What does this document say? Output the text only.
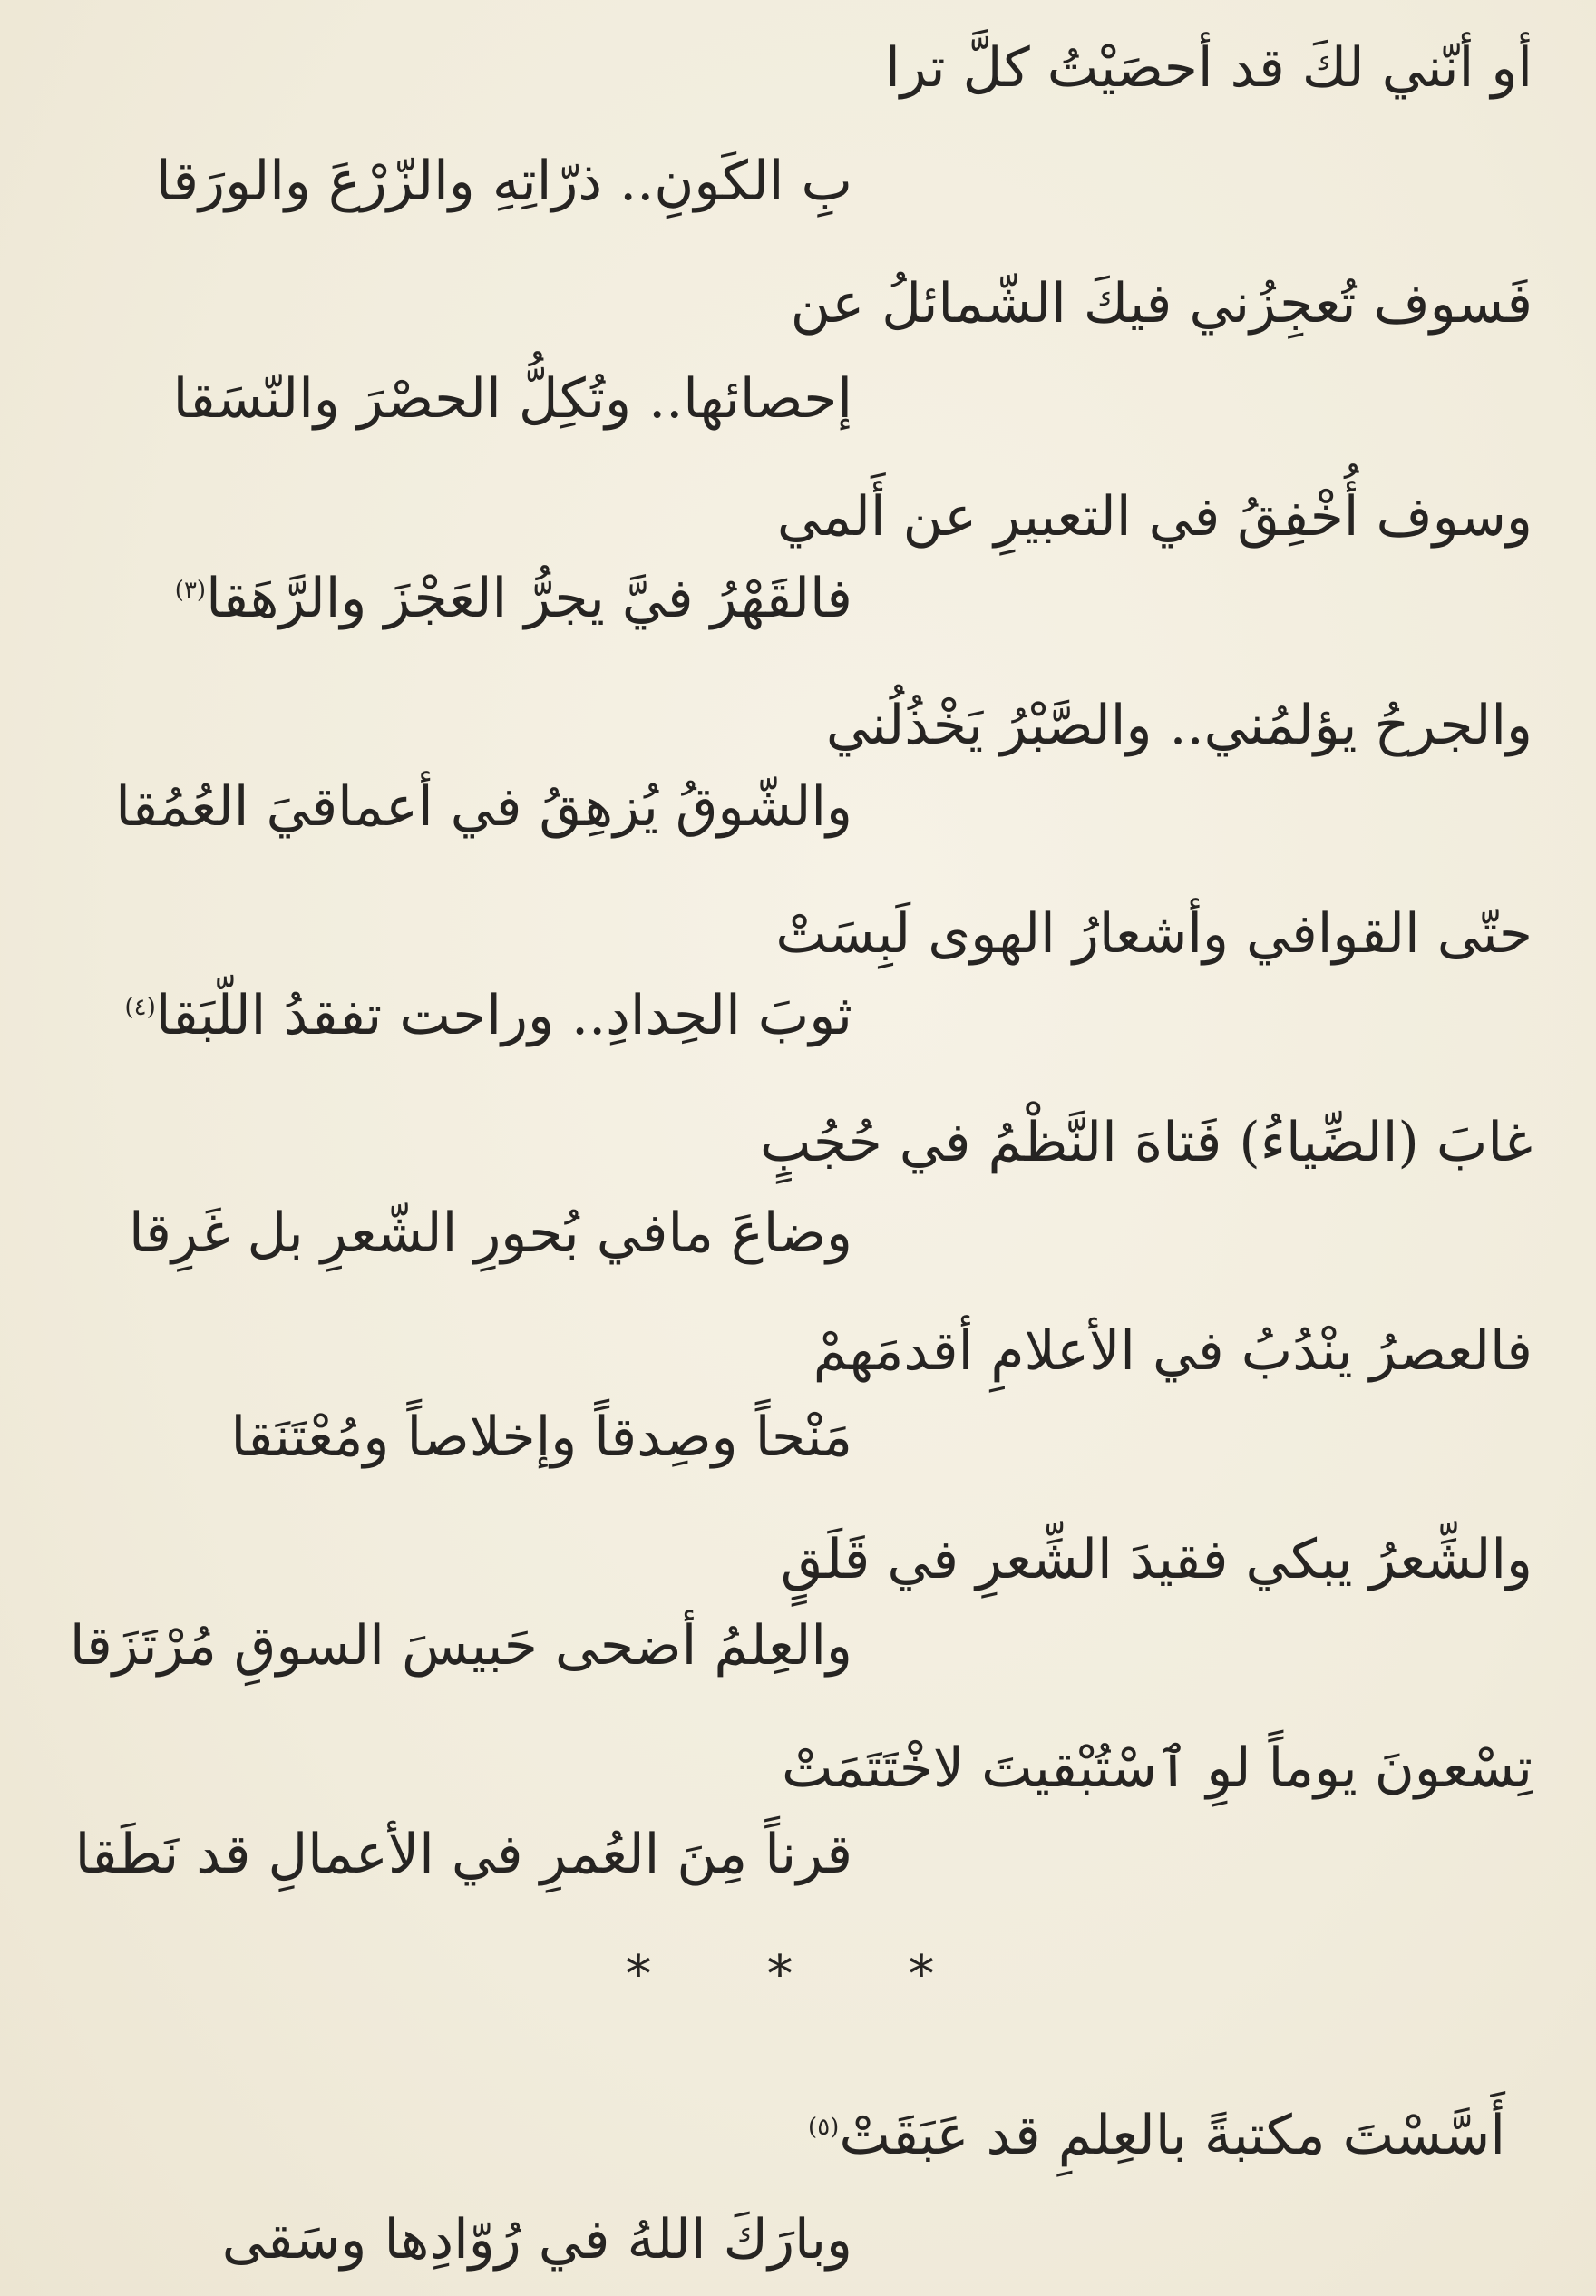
أو أنّني لكَ قد أحصَيْتُ كلَّ ترا
بِ الكَونِ.. ذرّاتِهِ والزّرْعَ والورَقا
فَسوف تُعجِزُني فيكَ الشّمائلُ عن
إحصائها.. وتُكِلُّ الحصْرَ والنّسَقا
وسوف أُخْفِقُ في التعبيرِ عن أَلمي
فالقَهْرُ فيَّ يجرُّ العَجْزَ والرَّهَقا$^{(٣)}$
والجرحُ يؤلمُني.. والصَّبْرُ يَخْذُلُني
والشّوقُ يُزهِقُ في أعماقيَ العُمُقا
حتّى القوافي وأشعارُ الهوى لَبِسَتْ
ثوبَ الحِدادِ.. وراحت تفقدُ اللّبَقا$^{(٤)}$
غابَ (الضِّياءُ) فَتاهَ النَّظْمُ في حُجُبٍ
وضاعَ مافي بُحورِ الشّعرِ بل غَرِقا
فالعصرُ ينْدُبُ في الأعلامِ أقدمَهمْ
مَنْحاً وصِدقاً وإخلاصاً ومُعْتَنَقا
والشِّعرُ يبكي فقيدَ الشِّعرِ في قَلَقٍ
والعِلمُ أضحى حَبيسَ السوقِ مُرْتَزَقا
تِسْعونَ يوماً لوِ ٱسْتُبْقيتَ لاخْتَتَمَتْ
قرناً مِنَ العُمرِ في الأعمالِ قد نَطَقا
* * *
أَسَّسْتَ مكتبةً بالعِلمِ قد عَبَقَتْ$^{(٥)}$
وبارَكَ اللهُ في رُوّادِها وسَقى
